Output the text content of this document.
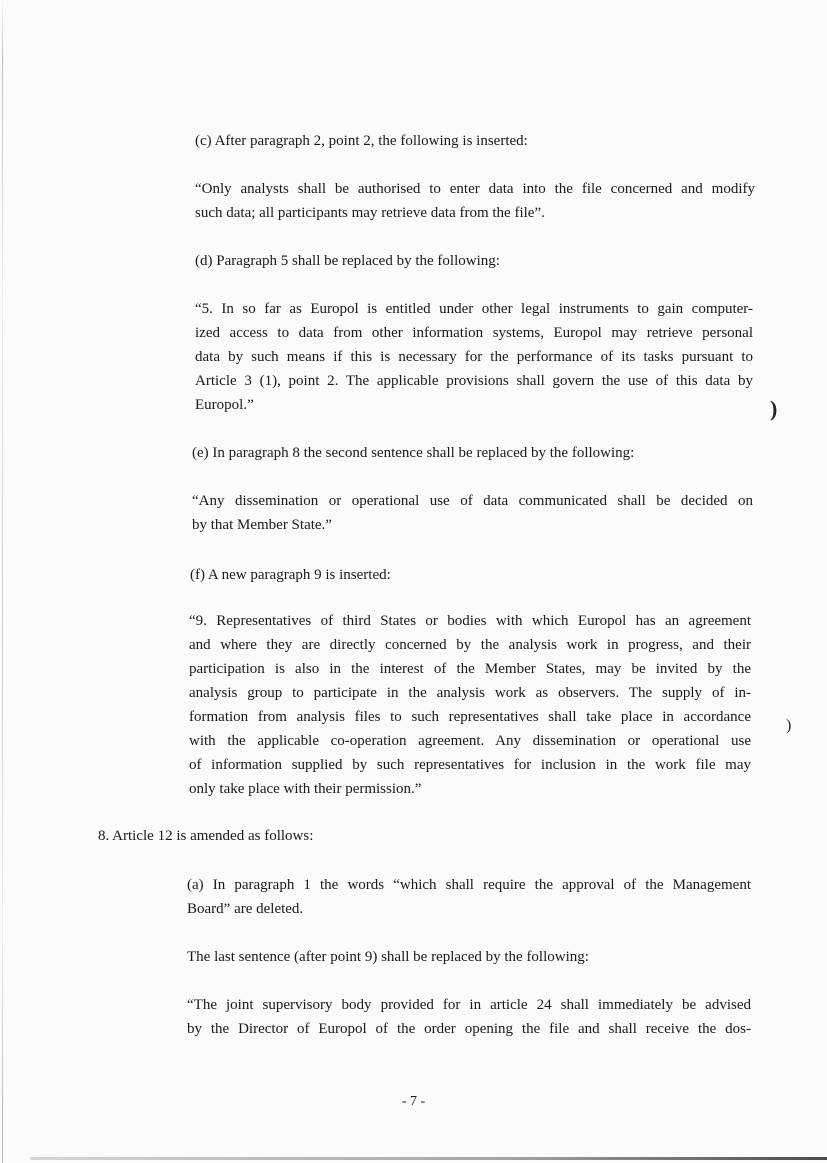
(c) After paragraph 2, point 2, the following is inserted:

“Only analysts shall be authorised to enter data into the file concerned and modify
such data; all participants may retrieve data from the file”.

(d) Paragraph 5 shall be replaced by the following:

“5. In so far as Europol is entitled under other legal instruments to gain computer-
ized access to data from other information systems, Europol may retrieve personal
data by such means if this is necessary for the performance of its tasks pursuant to
Article 3 (1), point 2. The applicable provisions shall govern the use of this data by
Europol.”	)

(e) In paragraph 8 the second sentence shall be replaced by the following:

“Any dissemination or operational use of data communicated shall be decided on
by that Member State.”

(f) A new paragraph 9 is inserted:

“9. Representatives of third States or bodies with which Europol has an agreement
and where they are directly concerned by the analysis work in progress, and their
participation is also in the interest of the Member States, may be invited by the
analysis group to participate in the analysis work as observers. The supply of in-
formation from analysis files to such representatives shall take place in accordance
with the applicable co-operation agreement. Any dissemination or operational use
of information supplied by such representatives for inclusion in the work file may
only take place with their permission.”
)

8. Article 12 is amended as follows:

(a) In paragraph 1 the words “which shall require the approval of the Management
Board” are deleted.

The last sentence (after point 9) shall be replaced by the following:

“The joint supervisory body provided for in article 24 shall immediately be advised
by the Director of Europol of the order opening the file and shall receive the dos-
- 7 -
